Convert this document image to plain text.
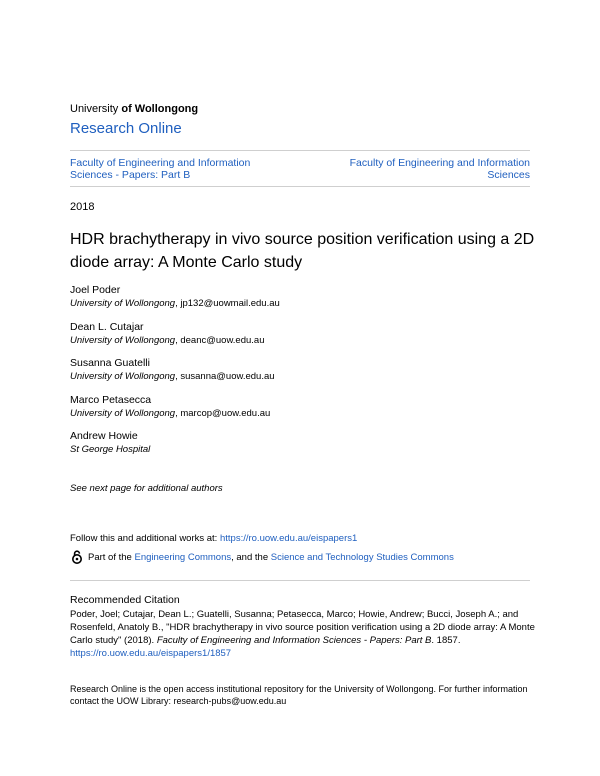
University of Wollongong
Research Online
Faculty of Engineering and Information Sciences - Papers: Part B
Faculty of Engineering and Information Sciences
2018
HDR brachytherapy in vivo source position verification using a 2D diode array: A Monte Carlo study
Joel Poder
University of Wollongong, jp132@uowmail.edu.au
Dean L. Cutajar
University of Wollongong, deanc@uow.edu.au
Susanna Guatelli
University of Wollongong, susanna@uow.edu.au
Marco Petasecca
University of Wollongong, marcop@uow.edu.au
Andrew Howie
St George Hospital
See next page for additional authors
Follow this and additional works at: https://ro.uow.edu.au/eispapers1
Part of the Engineering Commons, and the Science and Technology Studies Commons
Recommended Citation
Poder, Joel; Cutajar, Dean L.; Guatelli, Susanna; Petasecca, Marco; Howie, Andrew; Bucci, Joseph A.; and Rosenfeld, Anatoly B., "HDR brachytherapy in vivo source position verification using a 2D diode array: A Monte Carlo study" (2018). Faculty of Engineering and Information Sciences - Papers: Part B. 1857.
https://ro.uow.edu.au/eispapers1/1857
Research Online is the open access institutional repository for the University of Wollongong. For further information contact the UOW Library: research-pubs@uow.edu.au
